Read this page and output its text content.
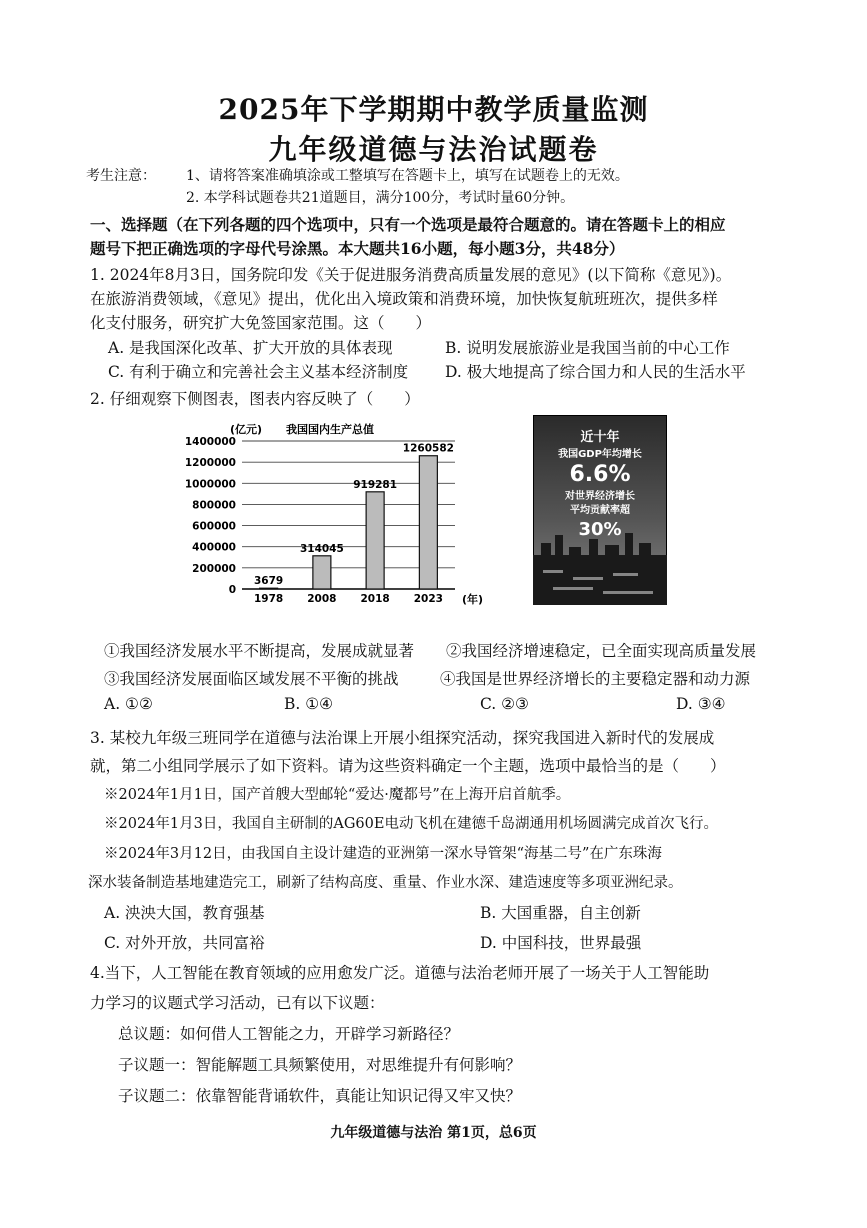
2025年下学期期中教学质量监测
九年级道德与法治试题卷
考生注意： 1、请将答案准确填涂或工整填写在答题卡上，填写在试题卷上的无效。
2. 本学科试题卷共21道题目，满分100分，考试时量60分钟。
一、选择题（在下列各题的四个选项中，只有一个选项是最符合题意的。请在答题卡上的相应
题号下把正确选项的字母代号涂黑。本大题共16小题，每小题3分，共48分）
1. 2024年8月3日，国务院印发《关于促进服务消费高质量发展的意见》(以下简称《意见》)。
在旅游消费领域，《意见》提出，优化出入境政策和消费环境，加快恢复航班班次，提供多样
化支付服务，研究扩大免签国家范围。这（　　）
A. 是我国深化改革、扩大开放的具体表现	B. 说明发展旅游业是我国当前的中心工作
C. 有利于确立和完善社会主义基本经济制度 D. 极大地提高了综合国力和人民的生活水平
2. 仔细观察下侧图表，图表内容反映了（　　）
0
200000
400000
600000
800000
1000000
1200000
1400000
3679
1978
314045
2008
919281
2018
1260582
2023
(亿元) 我国国内生产总值
(年)
近十年
我国GDP年均增长
6.6%
对世界经济增长
平均贡献率超
30%
①我国经济发展水平不断提高，发展成就显著 ②我国经济增速稳定，已全面实现高质量发展
③我国经济发展面临区域发展不平衡的挑战	④我国是世界经济增长的主要稳定器和动力源
A. ①②	B. ①④	C. ②③	D. ③④
3. 某校九年级三班同学在道德与法治课上开展小组探究活动，探究我国进入新时代的发展成
就，第二小组同学展示了如下资料。请为这些资料确定一个主题，选项中最恰当的是（　　）
※2024年1月1日，国产首艘大型邮轮“爱达·魔都号”在上海开启首航季。
※2024年1月3日，我国自主研制的AG60E电动飞机在建德千岛湖通用机场圆满完成首次飞行。
※2024年3月12日，由我国自主设计建造的亚洲第一深水导管架“海基二号”在广东珠海
深水装备制造基地建造完工，刷新了结构高度、重量、作业水深、建造速度等多项亚洲纪录。
A. 泱泱大国，教育强基	B. 大国重器，自主创新
C. 对外开放，共同富裕	D. 中国科技，世界最强
4.当下，人工智能在教育领域的应用愈发广泛。道德与法治老师开展了一场关于人工智能助
力学习的议题式学习活动，已有以下议题：
总议题：如何借人工智能之力，开辟学习新路径？
子议题一：智能解题工具频繁使用，对思维提升有何影响？
子议题二：依靠智能背诵软件，真能让知识记得又牢又快？
九年级道德与法治 第1页，总6页
